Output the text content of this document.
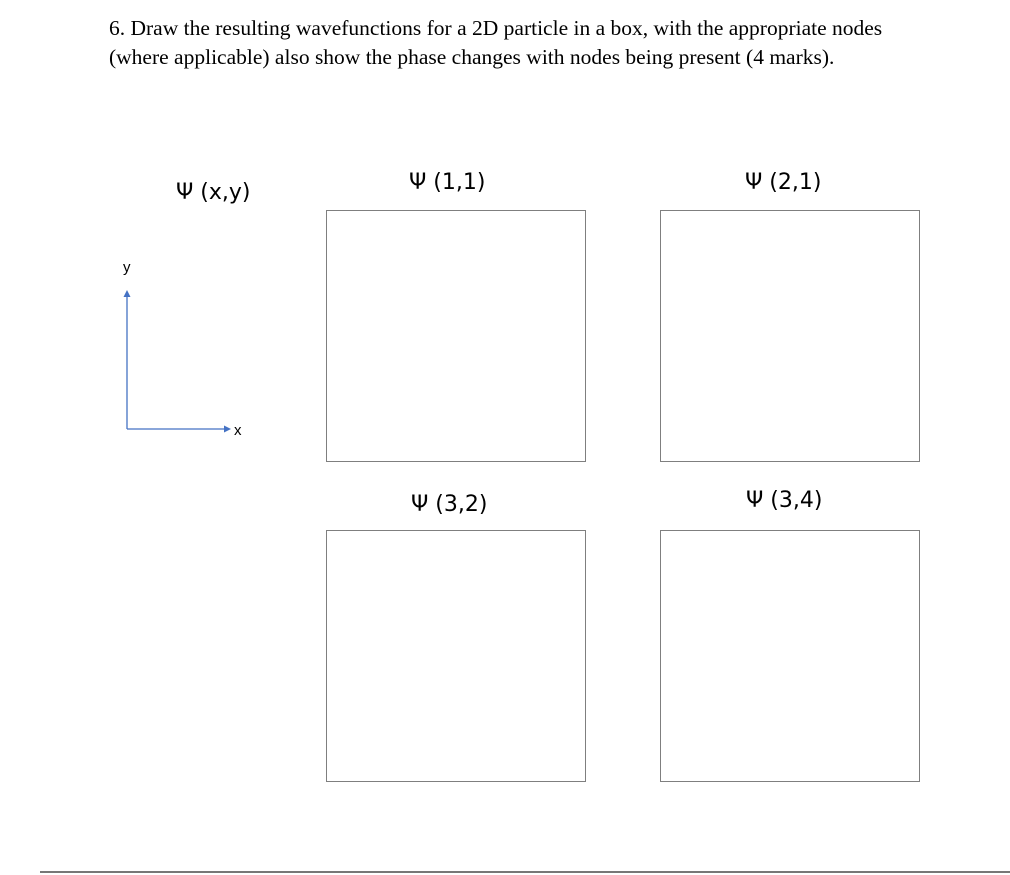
6. Draw the resulting wavefunctions for a 2D particle in a box, with the appropriate nodes (where applicable) also show the phase changes with nodes being present (4 marks).

Ψ (x,y)
y
x
Ψ (1,1)	Ψ (2,1)
Ψ (3,2)	Ψ (3,4)
